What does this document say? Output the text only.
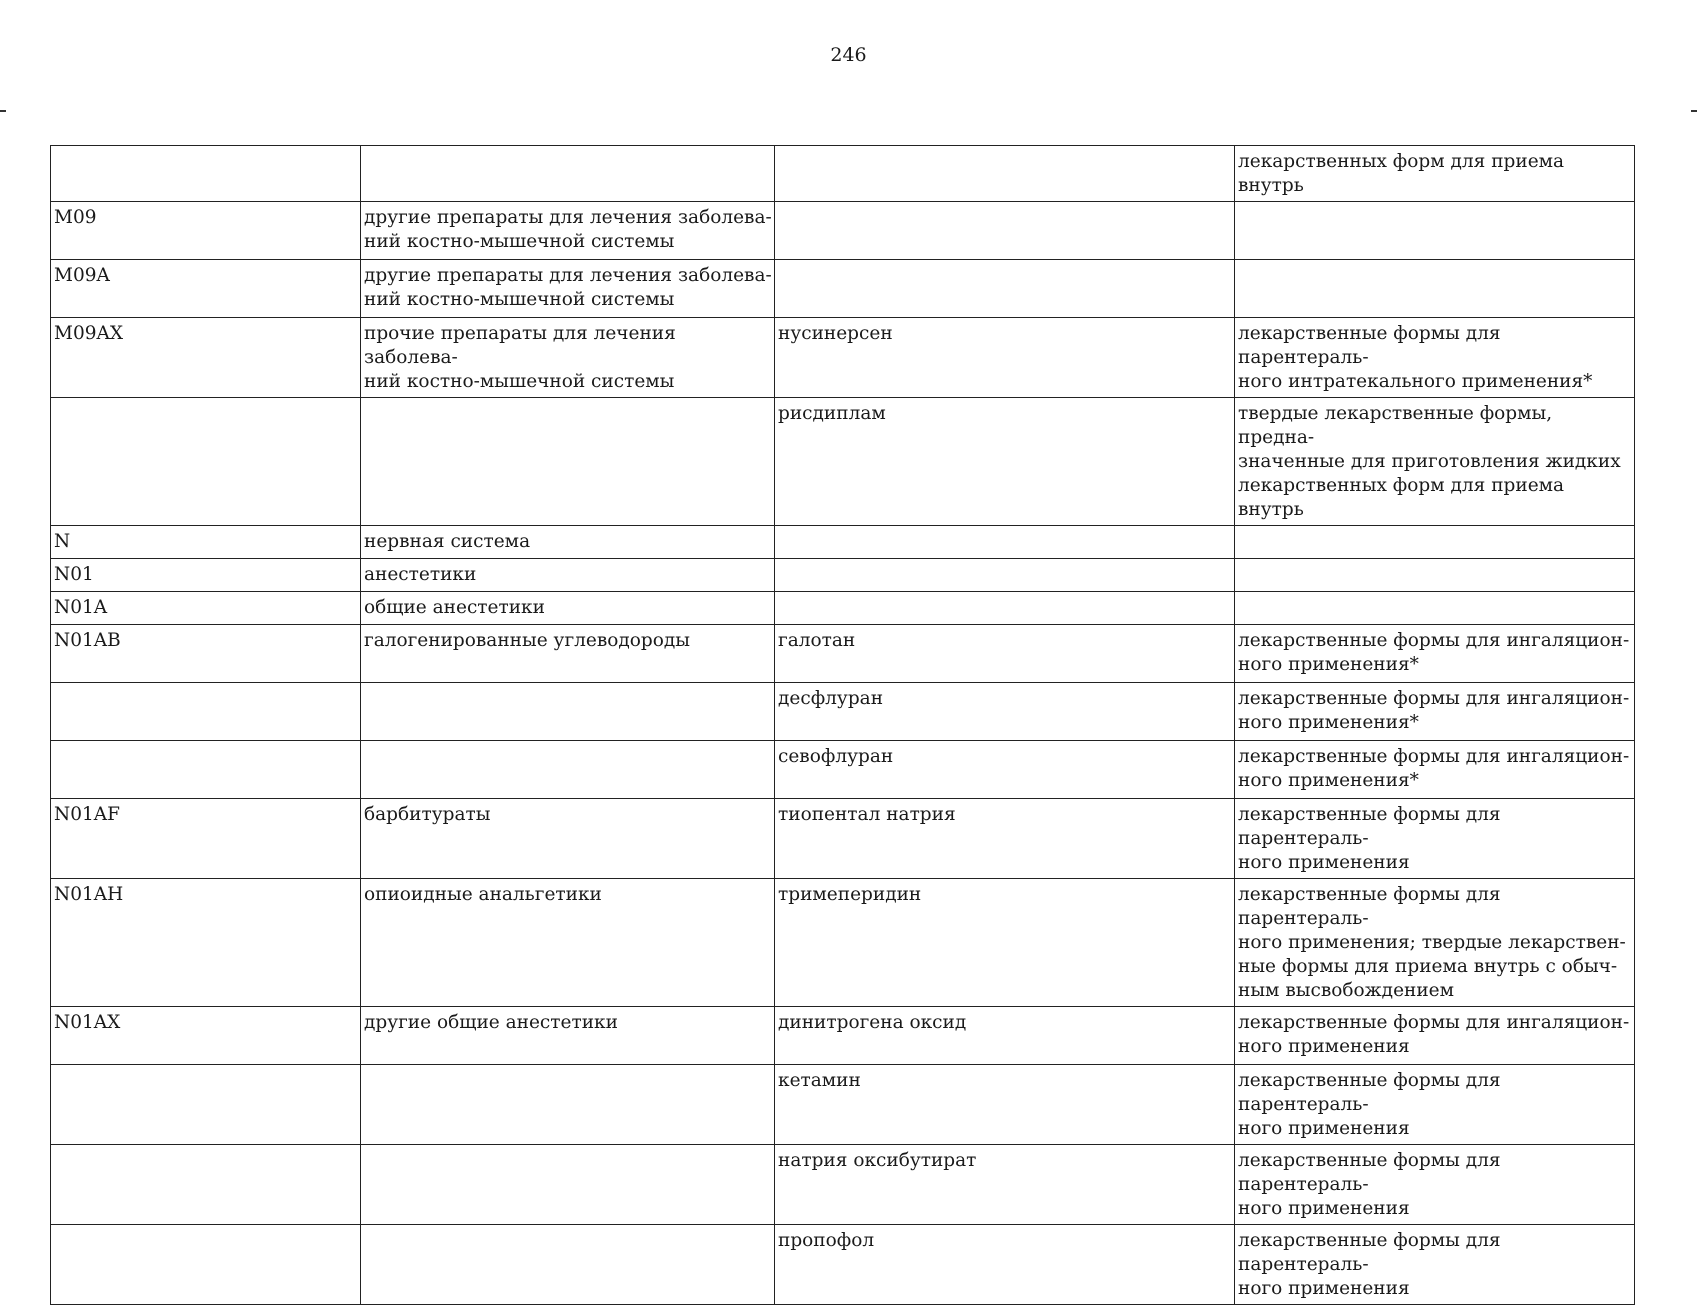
246

			лекарственных форм для приема внутрь

M09	другие препараты для лечения заболева-
ний костно-мышечной системы		

M09A	другие препараты для лечения заболева-
ний костно-мышечной системы		

M09AX	прочие препараты для лечения заболева-
ний костно-мышечной системы	нусинерсен	лекарственные формы для парентераль-
ного интратекального применения*

		рисдиплам	твердые лекарственные формы, предна-
значенные для приготовления жидких
лекарственных форм для приема внутрь

N	нервная система		

N01	анестетики		

N01A	общие анестетики		

N01AB	галогенированные углеводороды	галотан	лекарственные формы для ингаляцион-
ного применения*

		десфлуран	лекарственные формы для ингаляцион-
ного применения*

		севофлуран	лекарственные формы для ингаляцион-
ного применения*

N01AF	барбитураты	тиопентал натрия	лекарственные формы для парентераль-
ного применения

N01AH	опиоидные анальгетики	тримеперидин	лекарственные формы для парентераль-
ного применения; твердые лекарствен-
ные формы для приема внутрь с обыч-
ным высвобождением

N01AX	другие общие анестетики	динитрогена оксид	лекарственные формы для ингаляцион-
ного применения

		кетамин	лекарственные формы для парентераль-
ного применения

		натрия оксибутират	лекарственные формы для парентераль-
ного применения

		пропофол	лекарственные формы для парентераль-
ного применения
